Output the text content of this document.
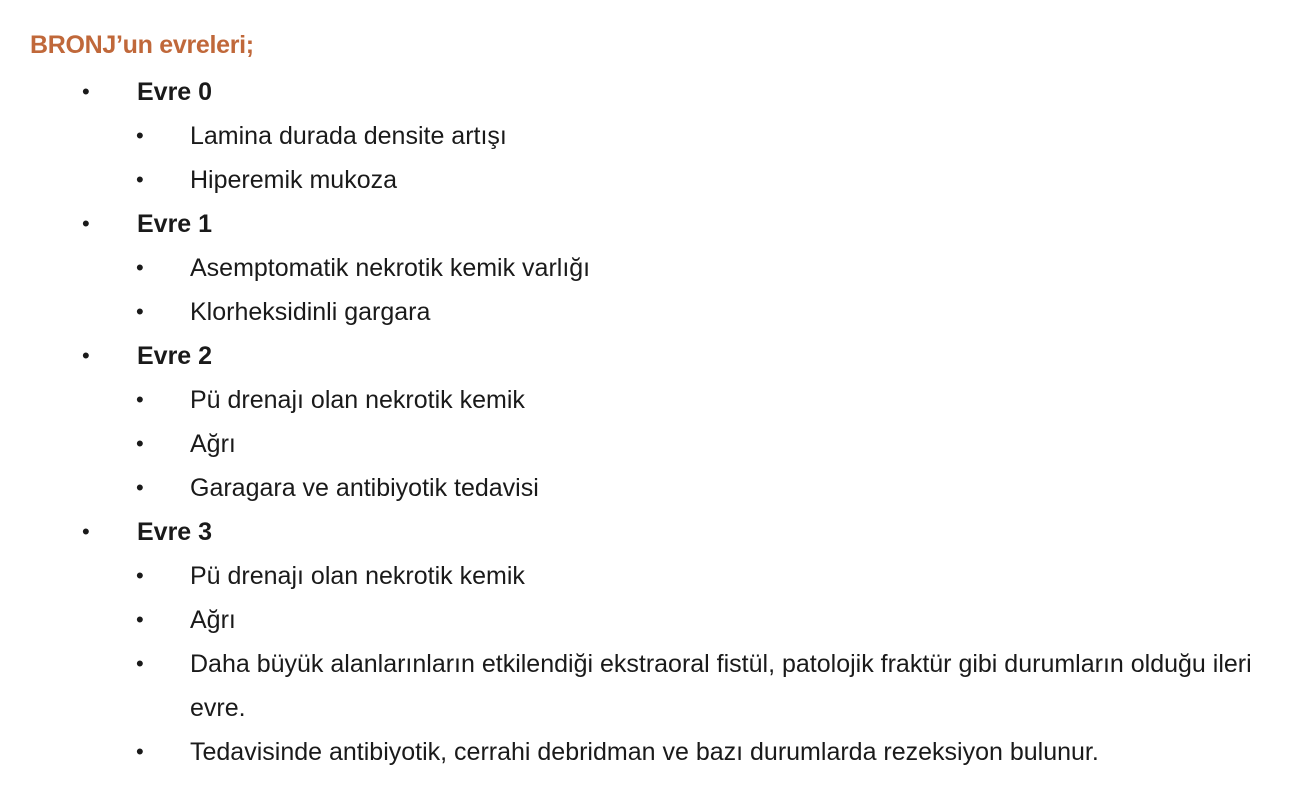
BRONJ’un evreleri;
• Evre 0
• Lamina durada densite artışı
• Hiperemik mukoza
• Evre 1
• Asemptomatik nekrotik kemik varlığı
• Klorheksidinli gargara
• Evre 2
• Pü drenajı olan nekrotik kemik
• Ağrı
• Garagara ve antibiyotik tedavisi
• Evre 3
• Pü drenajı olan nekrotik kemik
• Ağrı
• Daha büyük alanlarınların etkilendiği ekstraoral fistül, patolojik fraktür gibi durumların olduğu ileri evre.
• Tedavisinde antibiyotik, cerrahi debridman ve bazı durumlarda rezeksiyon bulunur.
